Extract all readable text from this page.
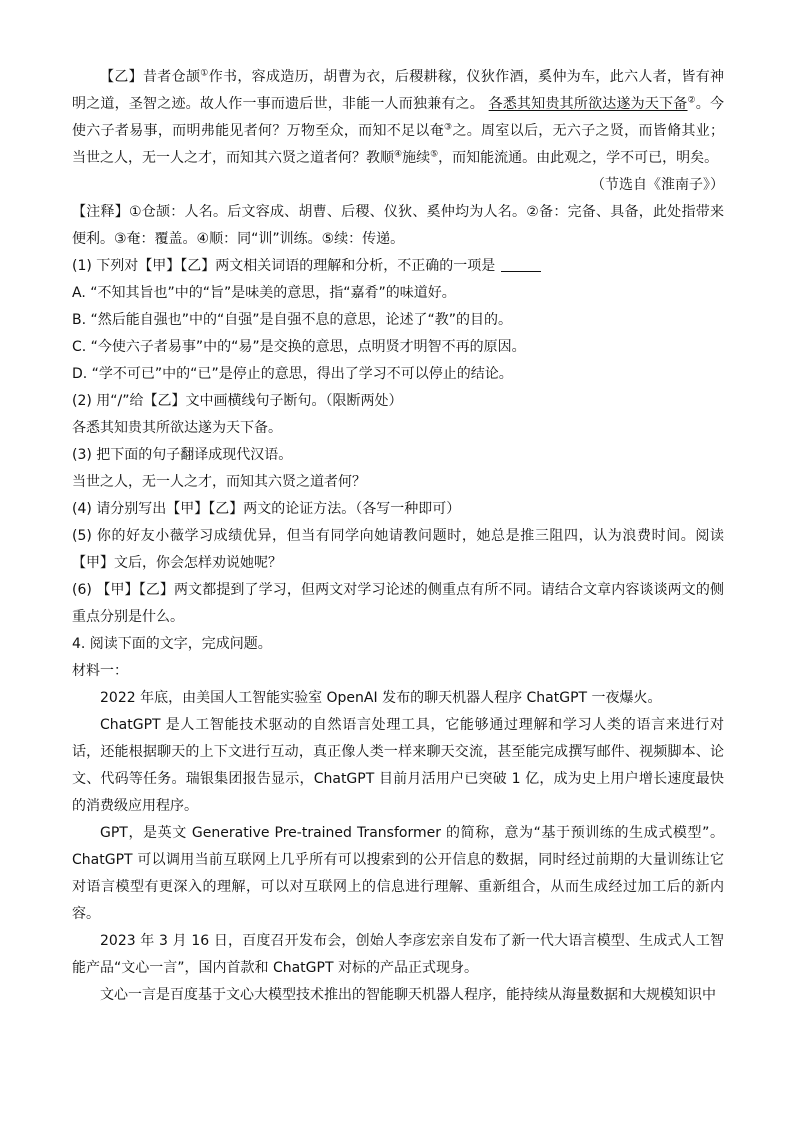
【乙】昔者仓颉①作书，容成造历，胡曹为衣，后稷耕稼，仪狄作酒，奚仲为车，此六人者，皆有神明之道，圣智之迹。故人作一事而遗后世，非能一人而独兼有之。 各悉其知贵其所欲达遂为天下备②。今使六子者易事，而明弗能见者何？万物至众，而知不足以奄③之。周室以后，无六子之贤，而皆脩其业；当世之人，无一人之才，而知其六贤之道者何？教顺④施续⑤，而知能流通。由此观之，学不可已，明矣。

（节选自《淮南子》）

【注释】①仓颉：人名。后文容成、胡曹、后稷、仪狄、奚仲均为人名。②备：完备、具备，此处指带来便利。③奄：覆盖。④顺：同“训”训练。⑤续：传递。

(1) 下列对【甲】【乙】两文相关词语的理解和分析，不正确的一项是

A. “不知其旨也”中的“旨”是味美的意思，指“嘉肴”的味道好。

B. “然后能自强也”中的“自强”是自强不息的意思，论述了“教”的目的。

C. “今使六子者易事”中的“易”是交换的意思，点明贤才明智不再的原因。

D. “学不可已”中的“已”是停止的意思，得出了学习不可以停止的结论。

(2) 用“/”给【乙】文中画横线句子断句。（限断两处）

各悉其知贵其所欲达遂为天下备。

(3) 把下面的句子翻译成现代汉语。

当世之人，无一人之才，而知其六贤之道者何？

(4) 请分别写出【甲】【乙】两文的论证方法。（各写一种即可）

(5) 你的好友小薇学习成绩优异，但当有同学向她请教问题时，她总是推三阻四，认为浪费时间。阅读【甲】文后，你会怎样劝说她呢？

(6) 【甲】【乙】两文都提到了学习，但两文对学习论述的侧重点有所不同。请结合文章内容谈谈两文的侧重点分别是什么。

4. 阅读下面的文字，完成问题。

材料一：

2022 年底，由美国人工智能实验室 OpenAI 发布的聊天机器人程序 ChatGPT 一夜爆火。

ChatGPT 是人工智能技术驱动的自然语言处理工具，它能够通过理解和学习人类的语言来进行对话，还能根据聊天的上下文进行互动，真正像人类一样来聊天交流，甚至能完成撰写邮件、视频脚本、论文、代码等任务。瑞银集团报告显示，ChatGPT 目前月活用户已突破 1 亿，成为史上用户增长速度最快的消费级应用程序。

GPT，是英文 Generative Pre-trained Transformer 的简称，意为“基于预训练的生成式模型”。ChatGPT 可以调用当前互联网上几乎所有可以搜索到的公开信息的数据，同时经过前期的大量训练让它对语言模型有更深入的理解，可以对互联网上的信息进行理解、重新组合，从而生成经过加工后的新内容。

2023 年 3 月 16 日，百度召开发布会，创始人李彦宏亲自发布了新一代大语言模型、生成式人工智能产品“文心一言”，国内首款和 ChatGPT 对标的产品正式现身。

文心一言是百度基于文心大模型技术推出的智能聊天机器人程序，能持续从海量数据和大规模知识中
